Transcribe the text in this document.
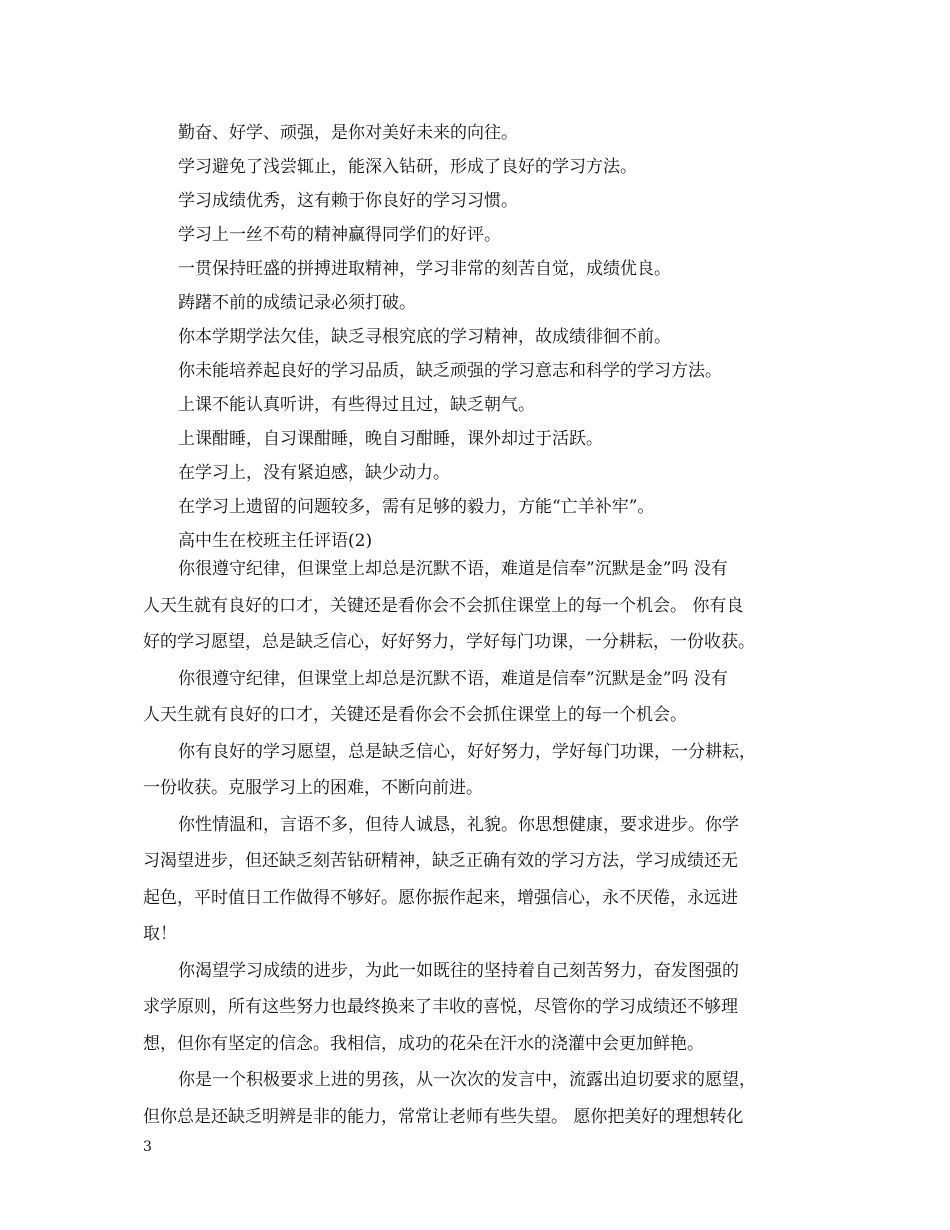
勤奋、好学、顽强，是你对美好未来的向往。
学习避免了浅尝辄止，能深入钻研，形成了良好的学习方法。
学习成绩优秀，这有赖于你良好的学习习惯。
学习上一丝不苟的精神赢得同学们的好评。
一贯保持旺盛的拼搏进取精神，学习非常的刻苦自觉，成绩优良。
踌躇不前的成绩记录必须打破。
你本学期学法欠佳，缺乏寻根究底的学习精神，故成绩徘徊不前。
你未能培养起良好的学习品质，缺乏顽强的学习意志和科学的学习方法。
上课不能认真听讲，有些得过且过，缺乏朝气。
上课酣睡，自习课酣睡，晚自习酣睡，课外却过于活跃。
在学习上，没有紧迫感，缺少动力。
在学习上遗留的问题较多，需有足够的毅力，方能“亡羊补牢”。
高中生在校班主任评语(2)
你很遵守纪律，但课堂上却总是沉默不语，难道是信奉”沉默是金”吗 没有
人天生就有良好的口才，关键还是看你会不会抓住课堂上的每一个机会。 你有良
好的学习愿望，总是缺乏信心，好好努力，学好每门功课，一分耕耘，一份收获。
你很遵守纪律，但课堂上却总是沉默不语，难道是信奉”沉默是金”吗 没有
人天生就有良好的口才，关键还是看你会不会抓住课堂上的每一个机会。
你有良好的学习愿望，总是缺乏信心，好好努力，学好每门功课，一分耕耘，
一份收获。克服学习上的困难，不断向前进。
你性情温和，言语不多，但待人诚恳，礼貌。你思想健康，要求进步。你学
习渴望进步，但还缺乏刻苦钻研精神，缺乏正确有效的学习方法，学习成绩还无
起色，平时值日工作做得不够好。愿你振作起来，增强信心，永不厌倦，永远进
取！
你渴望学习成绩的进步，为此一如既往的坚持着自己刻苦努力，奋发图强的
求学原则，所有这些努力也最终换来了丰收的喜悦，尽管你的学习成绩还不够理
想，但你有坚定的信念。我相信，成功的花朵在汗水的浇灌中会更加鲜艳。
你是一个积极要求上进的男孩，从一次次的发言中，流露出迫切要求的愿望，
但你总是还缺乏明辨是非的能力，常常让老师有些失望。 愿你把美好的理想转化
3
